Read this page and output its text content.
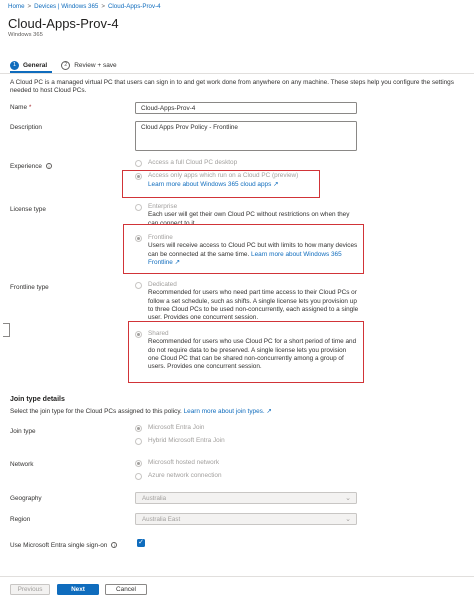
Home > Devices | Windows 365 > Cloud-Apps-Prov-4
Cloud-Apps-Prov-4
Windows 365
1	General	2	Review + save
A Cloud PC is a managed virtual PC that users can sign in to and get work done from anywhere on any machine. These steps help you configure the settings needed to host Cloud PCs.
Name *	Cloud-Apps-Prov-4
Description	Cloud Apps Prov Policy - Frontline
Experience i
Access a full Cloud PC desktop
Access only apps which run on a Cloud PC (preview)
Learn more about Windows 365 cloud apps ↗
License type	Enterprise
Each user will get their own Cloud PC without restrictions on when they can connect to it.
Frontline
Users will receive access to Cloud PC but with limits to how many devices can be connected at the same time. Learn more about Windows 365 Frontline ↗
Frontline type	Dedicated
Recommended for users who need part time access to their Cloud PCs or follow a set schedule, such as shifts. A single license lets you provision up to three Cloud PCs to be used non-concurrently, each assigned to a single user. Provides one concurrent session.
Shared
Recommended for users who use Cloud PC for a short period of time and do not require data to be preserved. A single license lets you provision one Cloud PC that can be shared non-concurrently among a group of users. Provides one concurrent session.
Join type details
Select the join type for the Cloud PCs assigned to this policy. Learn more about join types. ↗
Join type
Microsoft Entra Join
Hybrid Microsoft Entra Join
Network	Microsoft hosted network
Azure network connection
Geography	Australia	⌄
Region	Australia East	⌄
Use Microsoft Entra single sign-on i	✓
Previous	Next	Cancel
